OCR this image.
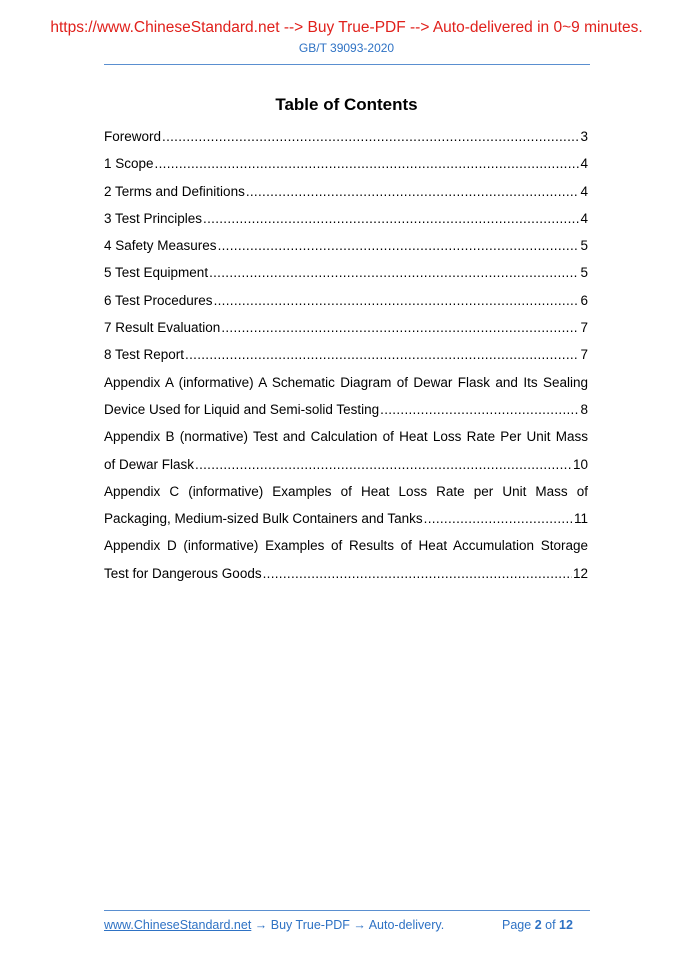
https://www.ChineseStandard.net --> Buy True-PDF --> Auto-delivered in 0~9 minutes.
GB/T 39093-2020
Table of Contents
Foreword .....	3
1 Scope .....	4
2 Terms and Definitions .....	4
3 Test Principles .....	4
4 Safety Measures .....	5
5 Test Equipment .....	5
6 Test Procedures .....	6
7 Result Evaluation .....	7
8 Test Report .....	7
Appendix A (informative) A Schematic Diagram of Dewar Flask and Its Sealing
Device Used for Liquid and Semi-solid Testing .....	8
Appendix B (normative) Test and Calculation of Heat Loss Rate Per Unit Mass
of Dewar Flask .....	10
Appendix C (informative) Examples of Heat Loss Rate per Unit Mass of
Packaging, Medium-sized Bulk Containers and Tanks .....	11
Appendix D (informative) Examples of Results of Heat Accumulation Storage
Test for Dangerous Goods .....	12
www.ChineseStandard.net → Buy True-PDF → Auto-delivery.	Page 2 of 12
